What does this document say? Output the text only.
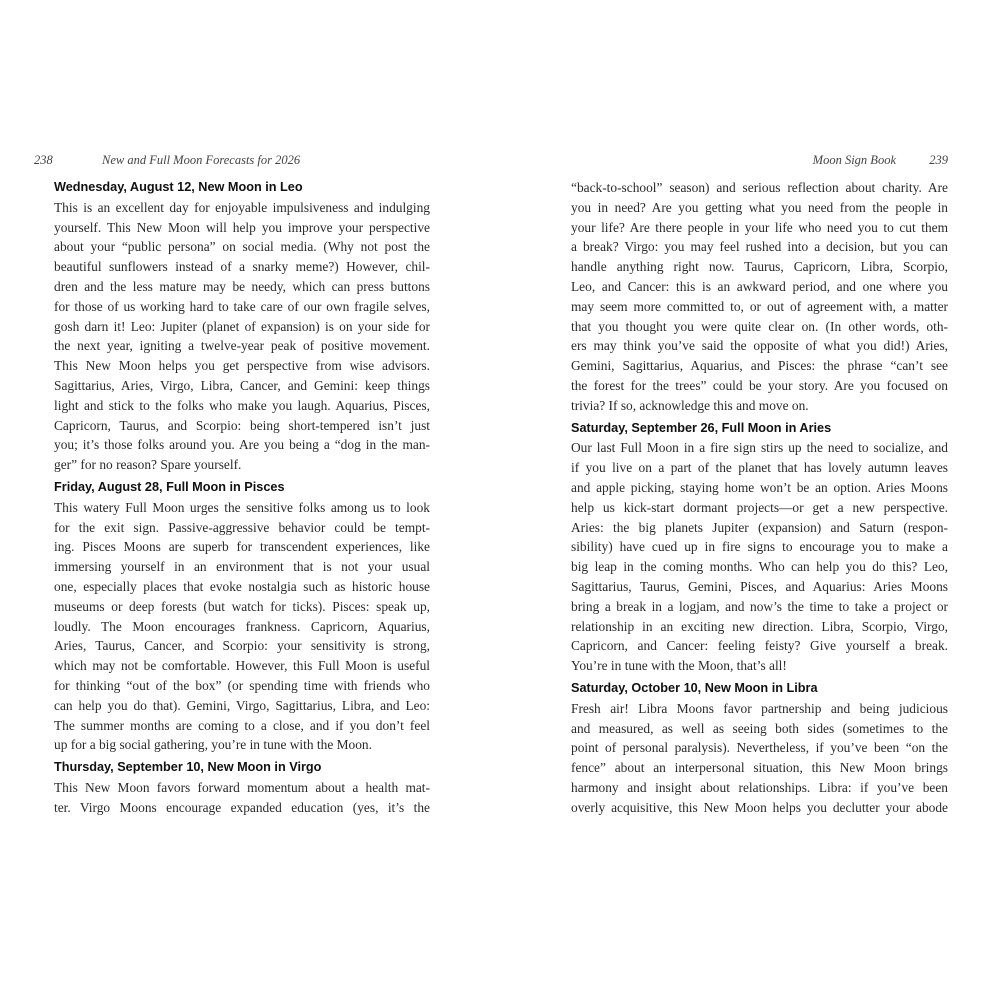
238	New and Full Moon Forecasts for 2026
Wednesday, August 12, New Moon in Leo
This is an excellent day for enjoyable impulsiveness and indulging
yourself. This New Moon will help you improve your perspective
about your “public persona” on social media. (Why not post the
beautiful sunflowers instead of a snarky meme?) However, chil-
dren and the less mature may be needy, which can press buttons
for those of us working hard to take care of our own fragile selves,
gosh darn it! Leo: Jupiter (planet of expansion) is on your side for
the next year, igniting a twelve-year peak of positive movement.
This New Moon helps you get perspective from wise advisors.
Sagittarius, Aries, Virgo, Libra, Cancer, and Gemini: keep things
light and stick to the folks who make you laugh. Aquarius, Pisces,
Capricorn, Taurus, and Scorpio: being short-tempered isn’t just
you; it’s those folks around you. Are you being a “dog in the man-
ger” for no reason? Spare yourself.
Friday, August 28, Full Moon in Pisces
This watery Full Moon urges the sensitive folks among us to look
for the exit sign. Passive-aggressive behavior could be tempt-
ing. Pisces Moons are superb for transcendent experiences, like
immersing yourself in an environment that is not your usual
one, especially places that evoke nostalgia such as historic house
museums or deep forests (but watch for ticks). Pisces: speak up,
loudly. The Moon encourages frankness. Capricorn, Aquarius,
Aries, Taurus, Cancer, and Scorpio: your sensitivity is strong,
which may not be comfortable. However, this Full Moon is useful
for thinking “out of the box” (or spending time with friends who
can help you do that). Gemini, Virgo, Sagittarius, Libra, and Leo:
The summer months are coming to a close, and if you don’t feel
up for a big social gathering, you’re in tune with the Moon.
Thursday, September 10, New Moon in Virgo
This New Moon favors forward momentum about a health mat-
ter. Virgo Moons encourage expanded education (yes, it’s the
Moon Sign Book	239
“back-to-school” season) and serious reflection about charity. Are
you in need? Are you getting what you need from the people in
your life? Are there people in your life who need you to cut them
a break? Virgo: you may feel rushed into a decision, but you can
handle anything right now. Taurus, Capricorn, Libra, Scorpio,
Leo, and Cancer: this is an awkward period, and one where you
may seem more committed to, or out of agreement with, a matter
that you thought you were quite clear on. (In other words, oth-
ers may think you’ve said the opposite of what you did!) Aries,
Gemini, Sagittarius, Aquarius, and Pisces: the phrase “can’t see
the forest for the trees” could be your story. Are you focused on
trivia? If so, acknowledge this and move on.
Saturday, September 26, Full Moon in Aries
Our last Full Moon in a fire sign stirs up the need to socialize, and
if you live on a part of the planet that has lovely autumn leaves
and apple picking, staying home won’t be an option. Aries Moons
help us kick-start dormant projects—or get a new perspective.
Aries: the big planets Jupiter (expansion) and Saturn (respon-
sibility) have cued up in fire signs to encourage you to make a
big leap in the coming months. Who can help you do this? Leo,
Sagittarius, Taurus, Gemini, Pisces, and Aquarius: Aries Moons
bring a break in a logjam, and now’s the time to take a project or
relationship in an exciting new direction. Libra, Scorpio, Virgo,
Capricorn, and Cancer: feeling feisty? Give yourself a break.
You’re in tune with the Moon, that’s all!
Saturday, October 10, New Moon in Libra
Fresh air! Libra Moons favor partnership and being judicious
and measured, as well as seeing both sides (sometimes to the
point of personal paralysis). Nevertheless, if you’ve been “on the
fence” about an interpersonal situation, this New Moon brings
harmony and insight about relationships. Libra: if you’ve been
overly acquisitive, this New Moon helps you declutter your abode
